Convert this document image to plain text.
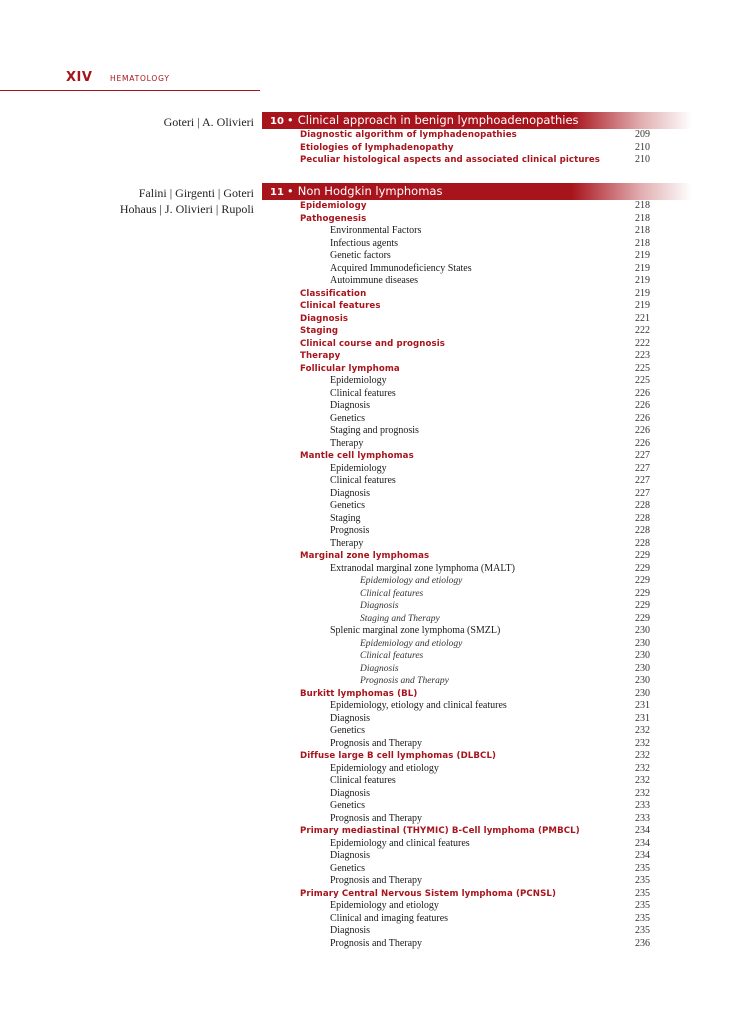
XIV HEMATOLOGY
Goteri | A. Olivieri	10 • Clinical approach in benign lymphoadenopathies
Diagnostic algorithm of lymphadenopathies	209
Etiologies of lymphadenopathy	210
Peculiar histological aspects and associated clinical pictures	210
Falini | Girgenti | Goteri
Hohaus | J. Olivieri | Rupoli
11 • Non Hodgkin lymphomas
Epidemiology	218
Pathogenesis	218
Environmental Factors	218
Infectious agents	218
Genetic factors	219
Acquired Immunodeficiency States	219
Autoimmune diseases	219
Classification	219
Clinical features	219
Diagnosis	221
Staging	222
Clinical course and prognosis	222
Therapy	223
Follicular lymphoma	225
Epidemiology	225
Clinical features	226
Diagnosis	226
Genetics	226
Staging and prognosis	226
Therapy	226
Mantle cell lymphomas	227
Epidemiology	227
Clinical features	227
Diagnosis	227
Genetics	228
Staging	228
Prognosis	228
Therapy	228
Marginal zone lymphomas	229
Extranodal marginal zone lymphoma (MALT)	229
Epidemiology and etiology	229
Clinical features	229
Diagnosis	229
Staging and Therapy	229
Splenic marginal zone lymphoma (SMZL)	230
Epidemiology and etiology	230
Clinical features	230
Diagnosis	230
Prognosis and Therapy	230
Burkitt lymphomas (BL)	230
Epidemiology, etiology and clinical features	231
Diagnosis	231
Genetics	232
Prognosis and Therapy	232
Diffuse large B cell lymphomas (DLBCL)	232
Epidemiology and etiology	232
Clinical features	232
Diagnosis	232
Genetics	233
Prognosis and Therapy	233
Primary mediastinal (THYMIC) B-Cell lymphoma (PMBCL)	234
Epidemiology and clinical features	234
Diagnosis	234
Genetics	235
Prognosis and Therapy	235
Primary Central Nervous Sistem lymphoma (PCNSL)	235
Epidemiology and etiology	235
Clinical and imaging features	235
Diagnosis	235
Prognosis and Therapy	236
